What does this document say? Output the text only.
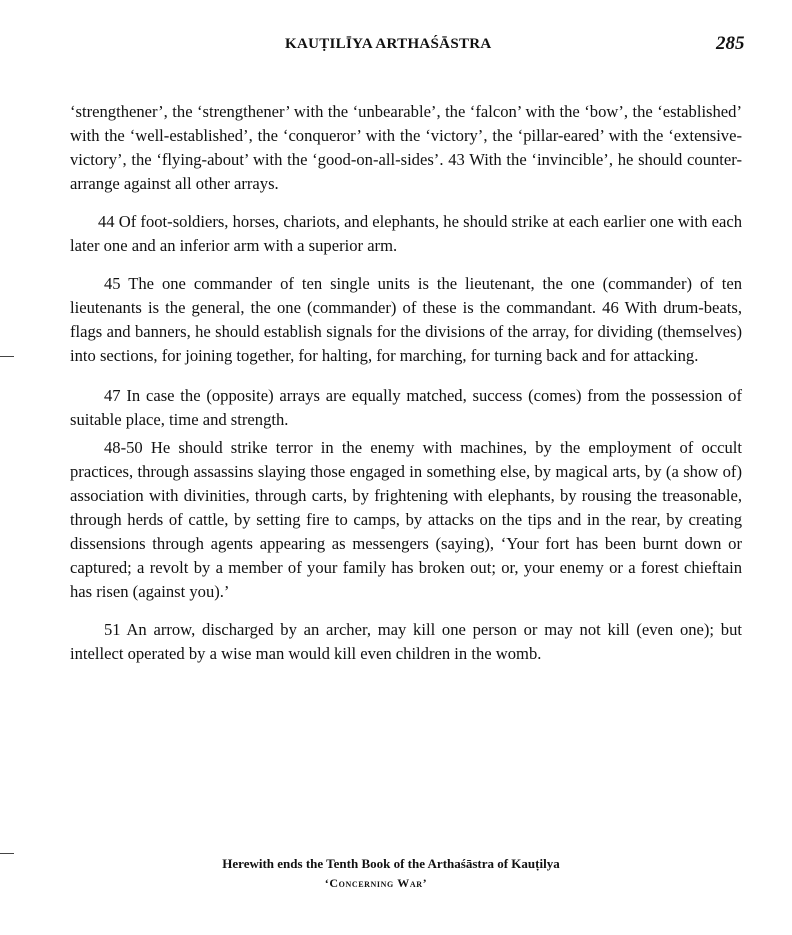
KAUṬILĪYA ARTHAŚĀSTRA	285

‘strengthener’, the ‘strengthener’ with the ‘unbearable’, the ‘falcon’ with the ‘bow’, the ‘established’ with the ‘well-established’, the ‘conqueror’ with the ‘victory’, the ‘pillar-eared’ with the ‘extensive-victory’, the ‘flying-about’ with the ‘good-on-all-sides’. 43 With the ‘invincible’, he should counter-arrange against all other arrays.

44 Of foot-soldiers, horses, chariots, and elephants, he should strike at each earlier one with each later one and an inferior arm with a superior arm.

45 The one commander of ten single units is the lieutenant, the one (commander) of ten lieutenants is the general, the one (commander) of these is the commandant. 46 With drum-beats, flags and banners, he should establish signals for the divisions of the array, for dividing (themselves) into sections, for joining together, for halting, for marching, for turning back and for attacking.

47 In case the (opposite) arrays are equally matched, success (comes) from the possession of suitable place, time and strength.

48-50 He should strike terror in the enemy with machines, by the employment of occult practices, through assassins slaying those engaged in something else, by magical arts, by (a show of) association with divinities, through carts, by frightening with elephants, by rousing the treasonable, through herds of cattle, by setting fire to camps, by attacks on the tips and in the rear, by creating dissensions through agents appearing as messengers (saying), ‘Your fort has been burnt down or captured; a revolt by a member of your family has broken out; or, your enemy or a forest chieftain has risen (against you).’

51 An arrow, discharged by an archer, may kill one person or may not kill (even one); but intellect operated by a wise man would kill even children in the womb.

Herewith ends the Tenth Book of the Arthaśāstra of Kauṭilya
‘Concerning War’
